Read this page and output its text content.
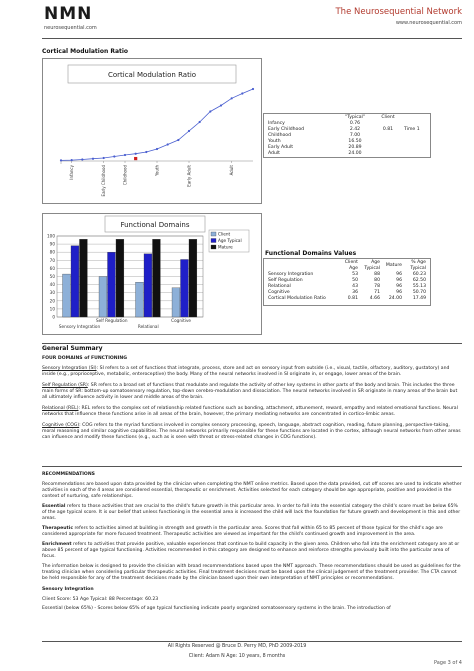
NMN
neurosequential.com
The Neurosequential Network
www.neurosequential.com
Cortical Modulation Ratio
Cortical Modulation Ratio
Infancy	Early Childhood	Childhood	Youth	Early Adult	Adult
	"Typical"	Client	
Infancy	0.76		
Early Childhood	2.42	0.81	Time 1
Childhood	7.00		
Youth	16.50		
Early Adult	20.89		
Adult	24.00		
Functional Domains
0
10
20
30
40
50
60
70
80
90
100
Sensory Integration
Self Regulation
Relational
Cognitive
Client
Age Typical
Mature
Functional Domains Values
	Client Age	Age Typical	Mature	% Age Typical
Sensory Integration	53	88	96	60.23
Self Regulation	50	80	96	62.50
Relational	43	78	96	55.13
Cognitive	36	71	96	50.70
Cortical Modulation Ratio	0.81	4.66	24.00	17.49
General Summary
FOUR DOMAINS of FUNCTIONING

Sensory Integration (SI): SI refers to a set of functions that integrate, process, store and act on sensory input from outside (i.e., visual, tactile, olfactory, auditory, gustatory) and inside (e.g., proprioceptive, metabolic, enteroceptive) the body. Many of the neural networks involved in SI originate in, or engage, lower areas of the brain.

Self Regulation (SR): SR refers to a broad set of functions that modulate and regulate the activity of other key systems in other parts of the body and brain. This includes the three main forms of SR: bottom-up somatosensory regulation, top-down cerebro-modulation and dissociation. The neural networks involved in SR originate in many areas of the brain but all ultimately influence activity in lower and middle areas of the brain.

Relational (REL): REL refers to the complex set of relationship related functions such as bonding, attachment, attunement, reward, empathy and related emotional functions. Neural networks that influence these functions arise in all areas of the brain, however, the primary mediating networks are concentrated in cortico-limbic areas.

Cognitive (COG): COG refers to the myriad functions involved in complex sensory processing, speech, language, abstract cognition, reading, future planning, perspective-taking, moral reasoning and similar cognitive capabilities. The neural networks primarily responsible for these functions are located in the cortex, although neural networks from other areas can influence and modify these functions (e.g., such as is seen with threat or stress-related changes in COG functions).

RECOMMENDATIONS

Recommendations are based upon data provided by the clinician when completing the NMT online metrics. Based upon the data provided, cut off scores are used to indicate whether activities in each of the 4 areas are considered essential, therapeutic or enrichment. Activities selected for each category should be age appropriate, positive and provided in the context of nurturing, safe relationships.

Essential refers to those activities that are crucial to the child's future growth in this particular area. In order to fall into the essential category the child's score must be below 65% of the age typical score. It is our belief that unless functioning in the essential area is increased the child will lack the foundation for future growth and development in this and other areas.

Therapeutic refers to activities aimed at building in strength and growth in the particular area. Scores that fall within 65 to 85 percent of those typical for the child's age are considered appropriate for more focused treatment. Therapeutic activities are viewed as important for the child's continued growth and improvement in the area.

Enrichment refers to activities that provide positive, valuable experiences that continue to build capacity in the given area. Children who fall into the enrichment category are at or above 85 percent of age typical functioning. Activities recommended in this category are designed to enhance and reinforce strengths previously built into the particular area of focus.

The information below is designed to provide the clinician with broad recommendations based upon the NMT approach. These recommendations should be used as guidelines for the treating clinician when considering particular therapeutic activities. Final treatment decisions must be based upon the clinical judgement of the treatment provider. The CTA cannot be held responsible for any of the treatment decisions made by the clinician based upon their own interpretation of NMT principles or recommendations.

Sensory Integration
Client Score: 53 Age Typical: 88 Percentage: 60.23

Essential (below 65%) - Scores below 65% of age typical functioning indicate poorly organized somatosensory systems in the brain. The introduction of

All Rights Reserved @ Bruce D. Perry MD, PhD 2009-2019
Client: Adam N Age: 10 years, 8 months
Page 3 of 4
